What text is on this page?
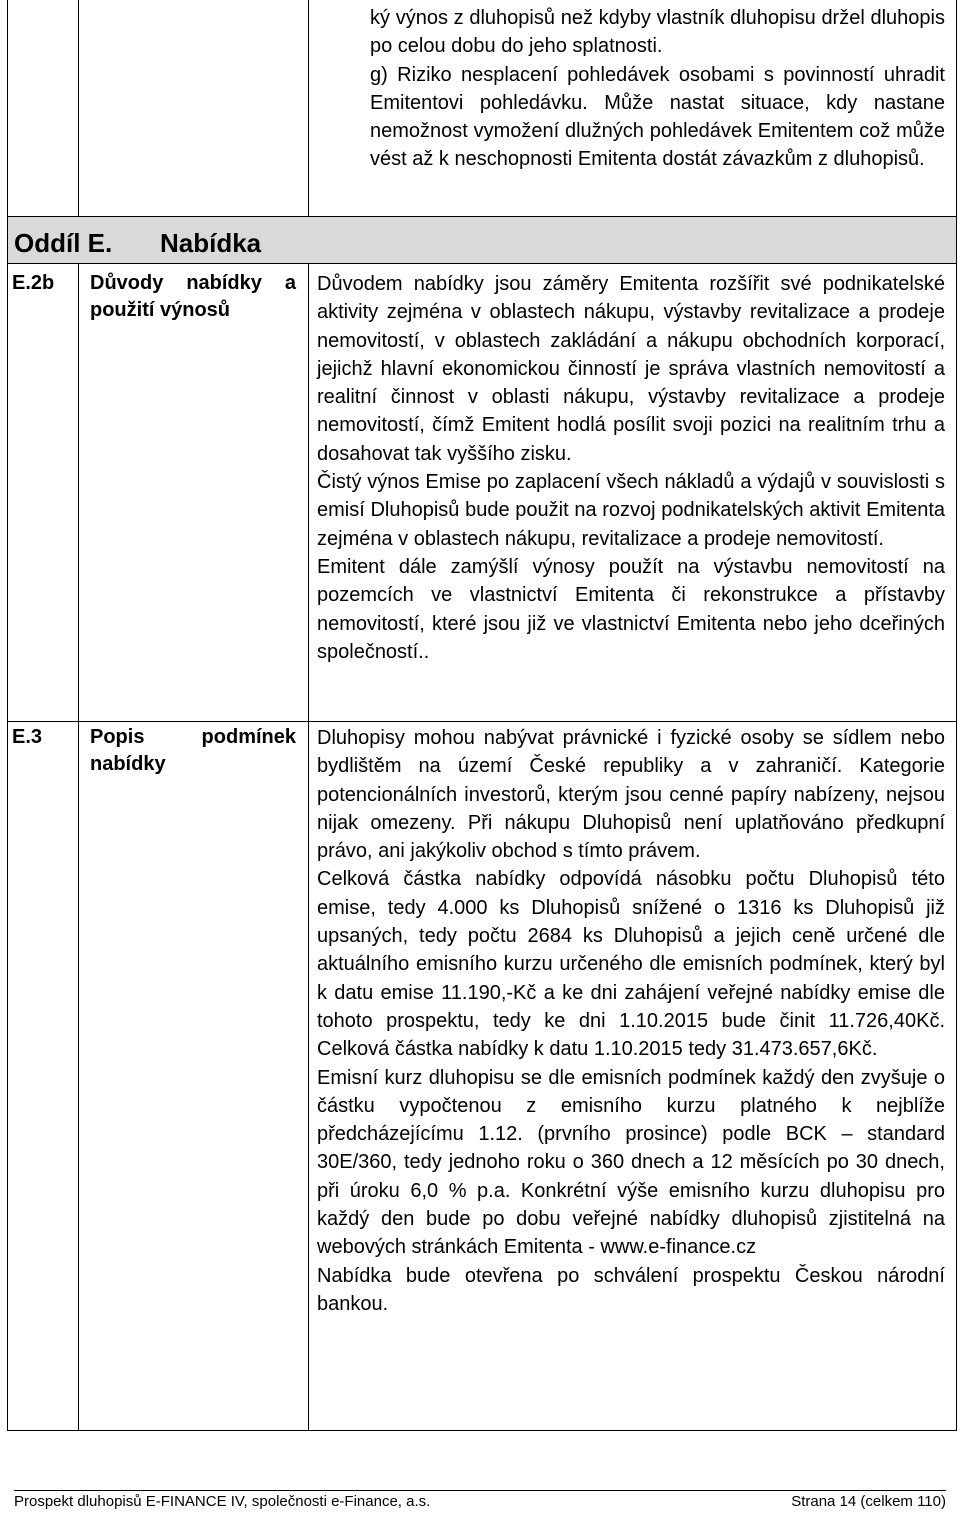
ký výnos z dluhopisů než kdyby vlastník dluhopisu držel dluhopis po celou dobu do jeho splatnosti.

g) Riziko nesplacení pohledávek osobami s povinností uhradit Emitentovi pohledávku. Může nastat situace, kdy nastane nemožnost vymožení dlužných pohledávek Emitentem což může vést až k neschopnosti Emitenta dostát závazkům z dluhopisů.

Oddíl E. Nabídka
E.2b Důvody nabídky a použití výnosů

Důvodem nabídky jsou záměry Emitenta rozšířit své podnikatelské aktivity zejména v oblastech nákupu, výstavby revitalizace a prodeje nemovitostí, v oblastech zakládání a nákupu obchodních korporací, jejichž hlavní ekonomickou činností je správa vlastních nemovitostí a realitní činnost v oblasti nákupu, výstavby revitalizace a prodeje nemovitostí, čímž Emitent hodlá posílit svoji pozici na realitním trhu a dosahovat tak vyššího zisku.

Čistý výnos Emise po zaplacení všech nákladů a výdajů v souvislosti s emisí Dluhopisů bude použit na rozvoj podnikatelských aktivit Emitenta zejména v oblastech nákupu, revitalizace a prodeje nemovitostí.

Emitent dále zamýšlí výnosy použít na výstavbu nemovitostí na pozemcích ve vlastnictví Emitenta či rekonstrukce a přístavby nemovitostí, které jsou již ve vlastnictví Emitenta nebo jeho dceřiných společností..

E.3 Popis podmínek nabídky

Dluhopisy mohou nabývat právnické i fyzické osoby se sídlem nebo bydlištěm na území České republiky a v zahraničí. Kategorie potencionálních investorů, kterým jsou cenné papíry nabízeny, nejsou nijak omezeny. Při nákupu Dluhopisů není uplatňováno předkupní právo, ani jakýkoliv obchod s tímto právem.

Celková částka nabídky odpovídá násobku počtu Dluhopisů této emise, tedy 4.000 ks Dluhopisů snížené o 1316 ks Dluhopisů již upsaných, tedy počtu 2684 ks Dluhopisů a jejich ceně určené dle aktuálního emisního kurzu určeného dle emisních podmínek, který byl k datu emise 11.190,-Kč a ke dni zahájení veřejné nabídky emise dle tohoto prospektu, tedy ke dni 1.10.2015 bude činit 11.726,40Kč. Celková částka nabídky k datu 1.10.2015 tedy 31.473.657,6Kč.

Emisní kurz dluhopisu se dle emisních podmínek každý den zvyšuje o částku vypočtenou z emisního kurzu platného k nejblíže předcházejícímu 1.12. (prvního prosince) podle BCK – standard 30E/360, tedy jednoho roku o 360 dnech a 12 měsících po 30 dnech, při úroku 6,0 % p.a. Konkrétní výše emisního kurzu dluhopisu pro každý den bude po dobu veřejné nabídky dluhopisů zjistitelná na webových stránkách Emitenta - www.e-finance.cz

Nabídka bude otevřena po schválení prospektu Českou národní bankou.

Prospekt dluhopisů E-FINANCE IV, společnosti e-Finance, a.s.	Strana 14 (celkem 110)
